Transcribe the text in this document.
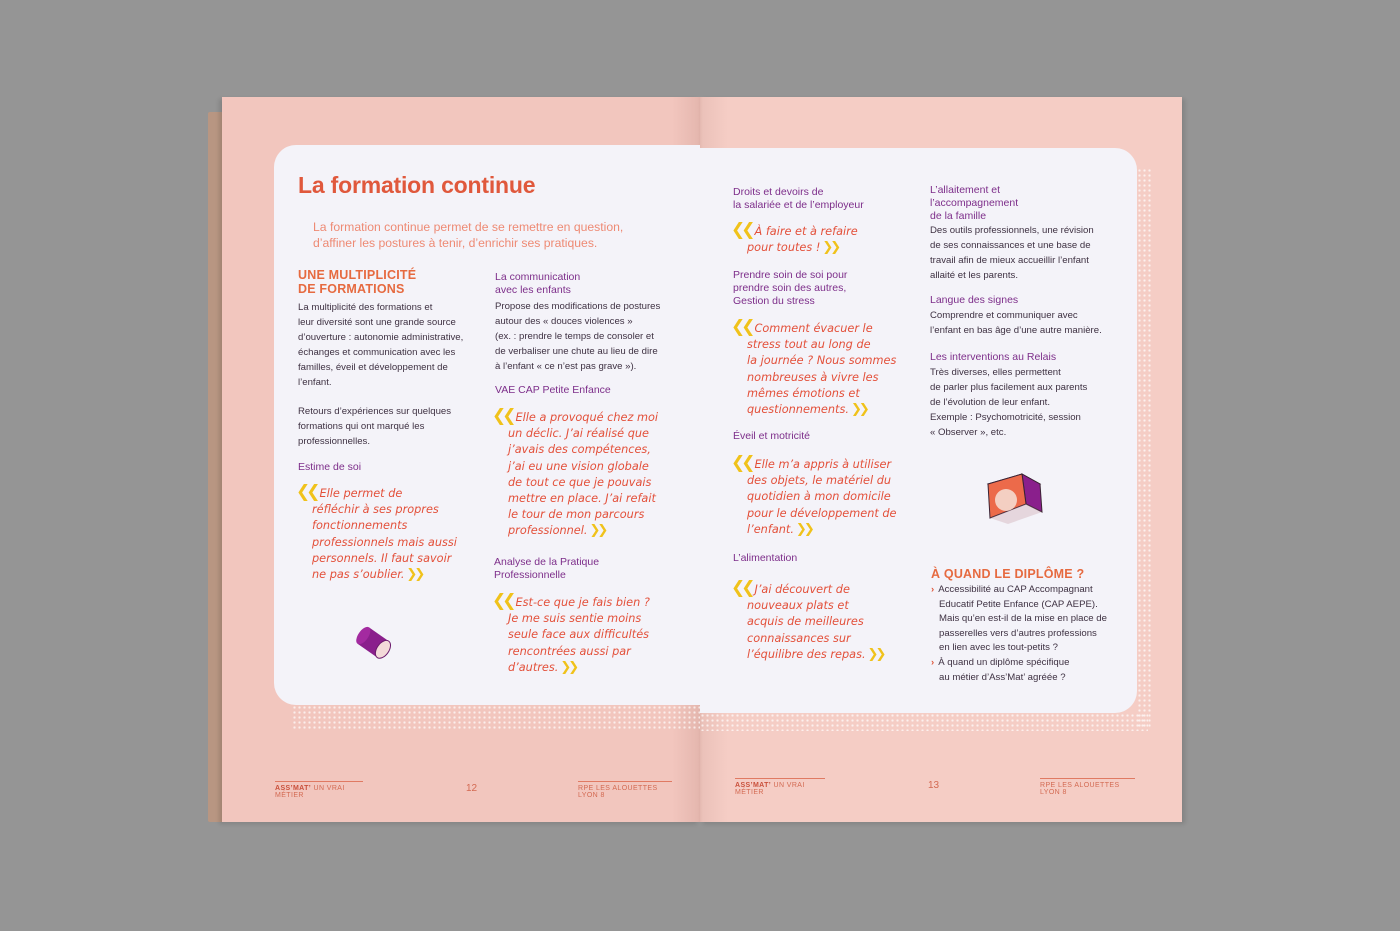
La formation continue
La formation continue permet de se remettre en question,
d’affiner les postures à tenir, d’enrichir ses pratiques.
UNE MULTIPLICITÉ
DE FORMATIONS
La multiplicité des formations et
leur diversité sont une grande source
d’ouverture : autonomie administrative,
échanges et communication avec les
familles, éveil et développement de
l’enfant.
Retours d’expériences sur quelques
formations qui ont marqué les
professionnelles.
Estime de soi
❮❮ Elle permet de
réfléchir à ses propres
fonctionnements
professionnels mais aussi
personnels. Il faut savoir
ne pas s’oublier. ❯❯
La communication
avec les enfants
Propose des modifications de postures
autour des « douces violences »
(ex. : prendre le temps de consoler et
de verbaliser une chute au lieu de dire
à l’enfant « ce n’est pas grave »).
VAE CAP Petite Enfance
❮❮ Elle a provoqué chez moi
un déclic. J’ai réalisé que
j’avais des compétences,
j’ai eu une vision globale
de tout ce que je pouvais
mettre en place. J’ai refait
le tour de mon parcours
professionnel. ❯❯
Analyse de la Pratique
Professionnelle
❮❮ Est-ce que je fais bien ?
Je me suis sentie moins
seule face aux difficultés
rencontrées aussi par
d’autres. ❯❯
ASS’MAT’ UN VRAI MÉTIER
12	RPE LES ALOUETTES LYON 8
Droits et devoirs de
la salariée et de l’employeur
❮❮ À faire et à refaire
pour toutes ! ❯❯
Prendre soin de soi pour
prendre soin des autres,
Gestion du stress
❮❮ Comment évacuer le
stress tout au long de
la journée ? Nous sommes
nombreuses à vivre les
mêmes émotions et
questionnements. ❯❯
Éveil et motricité
❮❮ Elle m’a appris à utiliser
des objets, le matériel du
quotidien à mon domicile
pour le développement de
l’enfant. ❯❯
L’alimentation
❮❮ J’ai découvert de
nouveaux plats et
acquis de meilleures
connaissances sur
l’équilibre des repas. ❯❯
L’allaitement et
l’accompagnement
de la famille
Des outils professionnels, une révision
de ses connaissances et une base de
travail afin de mieux accueillir l’enfant
allaité et les parents.
Langue des signes
Comprendre et communiquer avec
l’enfant en bas âge d’une autre manière.
Les interventions au Relais
Très diverses, elles permettent
de parler plus facilement aux parents
de l’évolution de leur enfant.
Exemple : Psychomotricité, session
« Observer », etc.
À QUAND LE DIPLÔME ?
› Accessibilité au CAP Accompagnant
Educatif Petite Enfance (CAP AEPE).
Mais qu’en est-il de la mise en place de
passerelles vers d’autres professions
en lien avec les tout-petits ?
› À quand un diplôme spécifique
au métier d’Ass’Mat’ agréée ?
ASS’MAT’ UN VRAI MÉTIER
13	RPE LES ALOUETTES LYON 8
